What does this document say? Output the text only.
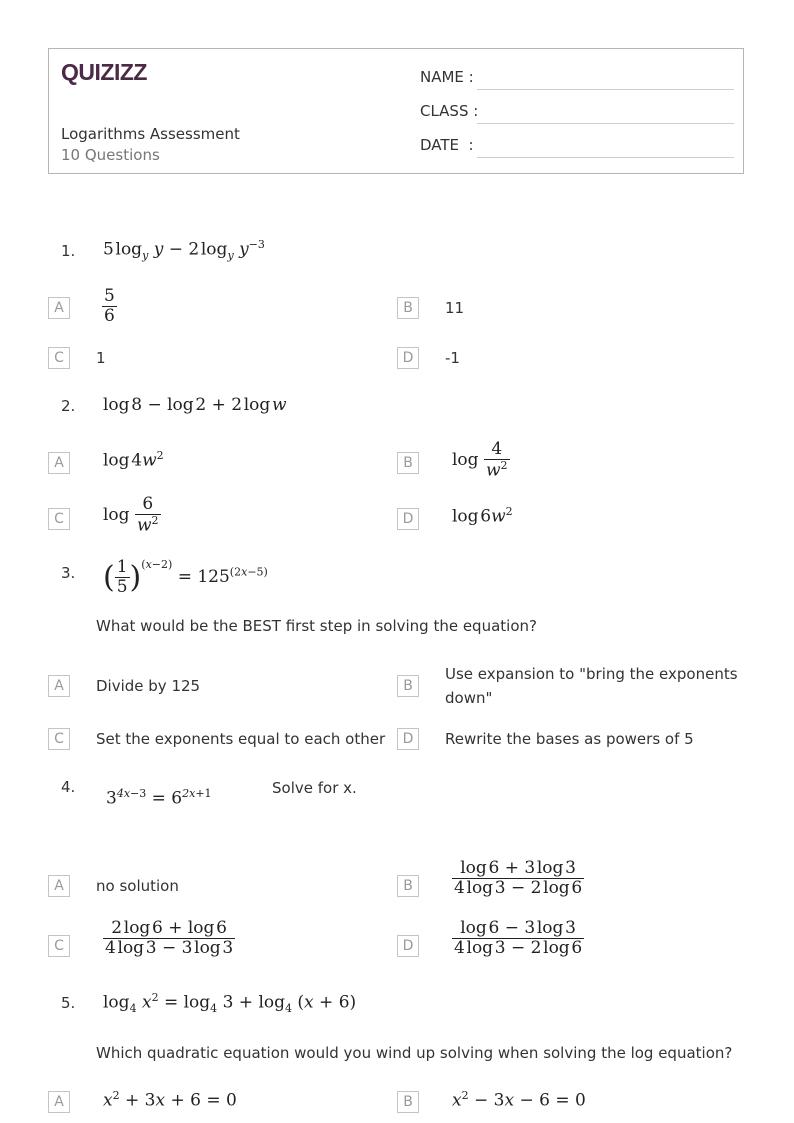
QUIZIZZ
Logarithms Assessment
10 Questions
NAME :
CLASS :
DATE  :
1. 5 $\log_y y - 2$ $\log_y y^{-3}$
A	$\frac{5}{6}$	B	11
C	1	D	-1
2. log 8 − log 2 + 2 log w
A	log $4w^2$	B	$\log \frac{4}{w^2}$
C	$\log \frac{6}{w^2}$	D	log $6w^2$
3. ( $\frac{1}{5} )^{(x-2)} = 125^{(2x-5)}$
What would be the BEST first step in solving the equation?
A	Divide by 125	B
Use expansion to "bring the exponents down"
C	Set the exponents equal to each other	D	Rewrite the bases as powers of 5
4.
$3^{4x-3} = 6^{2x+1}$	Solve for x.
A	no solution	B	$\frac{\log 6 + 3 \log 3}{4 \log 3 - 2 \log 6}$
C	$\frac{2 \log 6 + \log 6}{4 \log 3 - 3 \log 3}$	D	$\frac{\log 6 - 3 \log 3}{4 \log 3 - 2 \log 6}$
5. $\log_4 x^2 = \log_4 3 + \log_4 (x + 6)$
Which quadratic equation would you wind up solving when solving the log equation?
A	$x^2 + 3x + 6 = 0$	B	$x^2 - 3x - 6 = 0$
